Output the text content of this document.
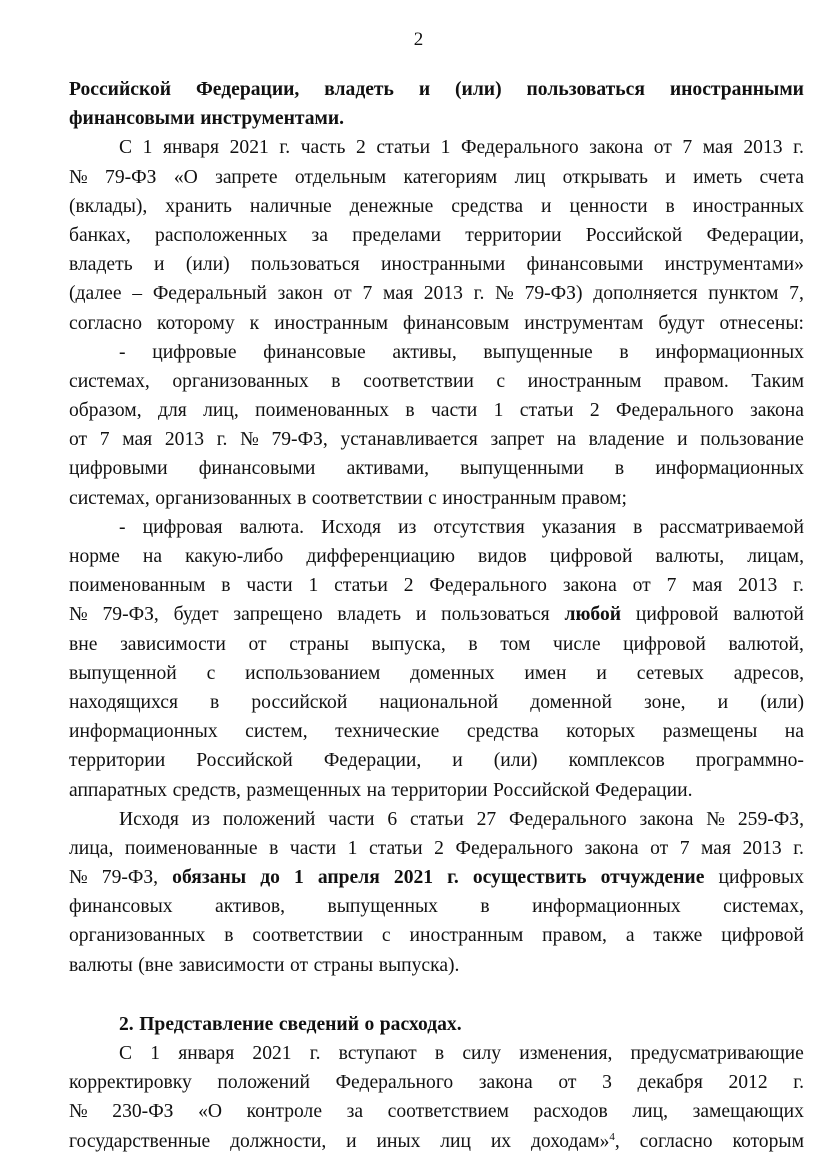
2
Российской Федерации, владеть и (или) пользоваться иностранными
финансовыми инструментами.
С 1 января 2021 г. часть 2 статьи 1 Федерального закона от 7 мая 2013 г.
№ 79-ФЗ «О запрете отдельным категориям лиц открывать и иметь счета
(вклады), хранить наличные денежные средства и ценности в иностранных
банках, расположенных за пределами территории Российской Федерации,
владеть и (или) пользоваться иностранными финансовыми инструментами»
(далее – Федеральный закон от 7 мая 2013 г. № 79-ФЗ) дополняется пунктом 7,
согласно которому к иностранным финансовым инструментам будут отнесены:
- цифровые финансовые активы, выпущенные в информационных
системах, организованных в соответствии с иностранным правом. Таким
образом, для лиц, поименованных в части 1 статьи 2 Федерального закона
от 7 мая 2013 г. № 79-ФЗ, устанавливается запрет на владение и пользование
цифровыми финансовыми активами, выпущенными в информационных
системах, организованных в соответствии с иностранным правом;
- цифровая валюта. Исходя из отсутствия указания в рассматриваемой
норме на какую-либо дифференциацию видов цифровой валюты, лицам,
поименованным в части 1 статьи 2 Федерального закона от 7 мая 2013 г.
№ 79-ФЗ, будет запрещено владеть и пользоваться любой цифровой валютой
вне зависимости от страны выпуска, в том числе цифровой валютой,
выпущенной с использованием доменных имен и сетевых адресов,
находящихся в российской национальной доменной зоне, и (или)
информационных систем, технические средства которых размещены на
территории Российской Федерации, и (или) комплексов программно-
аппаратных средств, размещенных на территории Российской Федерации.
Исходя из положений части 6 статьи 27 Федерального закона № 259-ФЗ,
лица, поименованные в части 1 статьи 2 Федерального закона от 7 мая 2013 г.
№ 79-ФЗ, обязаны до 1 апреля 2021 г. осуществить отчуждение цифровых
финансовых активов, выпущенных в информационных системах,
организованных в соответствии с иностранным правом, а также цифровой
валюты (вне зависимости от страны выпуска).
2. Представление сведений о расходах.
С 1 января 2021 г. вступают в силу изменения, предусматривающие
корректировку положений Федерального закона от 3 декабря 2012 г.
№ 230-ФЗ «О контроле за соответствием расходов лиц, замещающих
государственные должности, и иных лиц их доходам»$^4$, согласно которым
